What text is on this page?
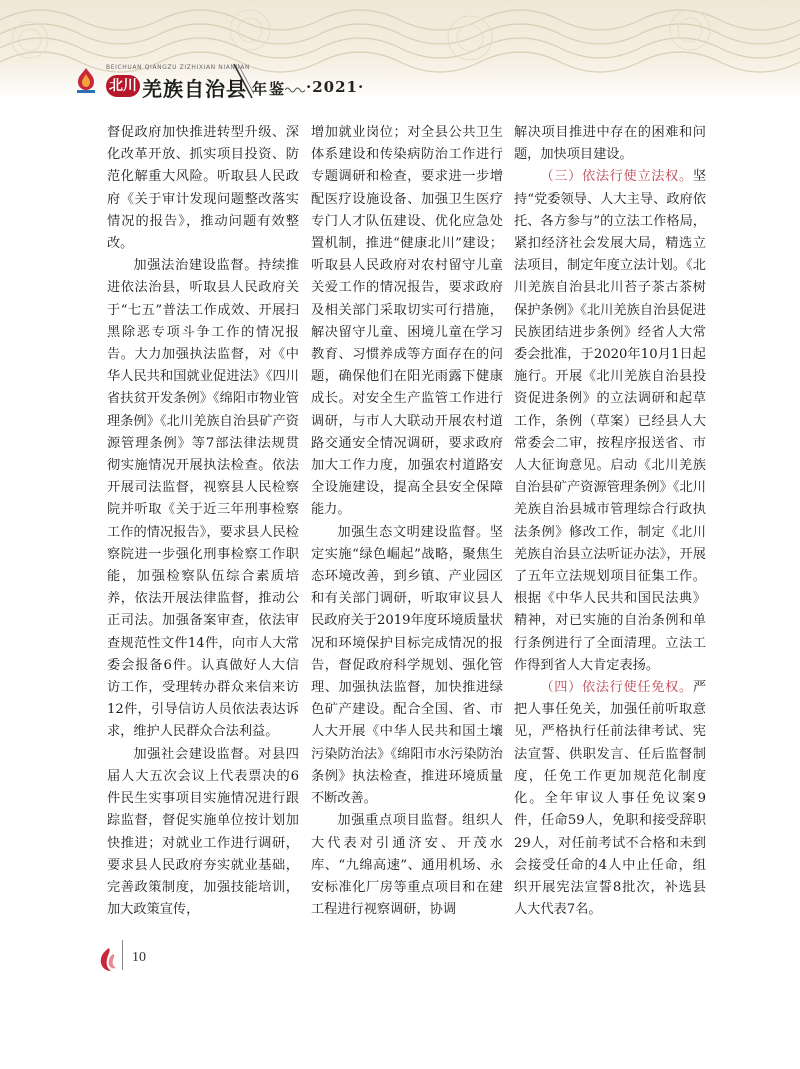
BEICHUAN QIANGZU ZIZHIXIAN NIANJIAN
北川 羌族自治县 年鉴 ·2021·

督促政府加快推进转型升级、深化改革开放、抓实项目投资、防范化解重大风险。听取县人民政府《关于审计发现问题整改落实情况的报告》，推动问题有效整改。

加强法治建设监督。持续推进依法治县，听取县人民政府关于“七五”普法工作成效、开展扫黑除恶专项斗争工作的情况报告。大力加强执法监督，对《中华人民共和国就业促进法》《四川省扶贫开发条例》《绵阳市物业管理条例》《北川羌族自治县矿产资源管理条例》等7部法律法规贯彻实施情况开展执法检查。依法开展司法监督，视察县人民检察院并听取《关于近三年刑事检察工作的情况报告》，要求县人民检察院进一步强化刑事检察工作职能，加强检察队伍综合素质培养，依法开展法律监督，推动公正司法。加强备案审查，依法审查规范性文件14件，向市人大常委会报备6件。认真做好人大信访工作，受理转办群众来信来访12件，引导信访人员依法表达诉求，维护人民群众合法利益。

加强社会建设监督。对县四届人大五次会议上代表票决的6件民生实事项目实施情况进行跟踪监督，督促实施单位按计划加快推进；对就业工作进行调研，要求县人民政府夯实就业基础，完善政策制度，加强技能培训，加大政策宣传，

增加就业岗位；对全县公共卫生体系建设和传染病防治工作进行专题调研和检查，要求进一步增配医疗设施设备、加强卫生医疗专门人才队伍建设、优化应急处置机制，推进“健康北川”建设；听取县人民政府对农村留守儿童关爱工作的情况报告，要求政府及相关部门采取切实可行措施，解决留守儿童、困境儿童在学习教育、习惯养成等方面存在的问题，确保他们在阳光雨露下健康成长。对安全生产监管工作进行调研，与市人大联动开展农村道路交通安全情况调研，要求政府加大工作力度，加强农村道路安全设施建设，提高全县安全保障能力。

加强生态文明建设监督。坚定实施“绿色崛起”战略，聚焦生态环境改善，到乡镇、产业园区和有关部门调研，听取审议县人民政府关于2019年度环境质量状况和环境保护目标完成情况的报告，督促政府科学规划、强化管理、加强执法监督，加快推进绿色矿产建设。配合全国、省、市人大开展《中华人民共和国土壤污染防治法》《绵阳市水污染防治条例》执法检查，推进环境质量不断改善。

加强重点项目监督。组织人大代表对引通济安、开茂水库、“九绵高速”、通用机场、永安标准化厂房等重点项目和在建工程进行视察调研，协调

解决项目推进中存在的困难和问题，加快项目建设。

（三）依法行使立法权。坚持“党委领导、人大主导、政府依托、各方参与”的立法工作格局，紧扣经济社会发展大局，精选立法项目，制定年度立法计划。《北川羌族自治县北川苔子茶古茶树保护条例》《北川羌族自治县促进民族团结进步条例》经省人大常委会批准，于2020年10月1日起施行。开展《北川羌族自治县投资促进条例》的立法调研和起草工作，条例（草案）已经县人大常委会二审，按程序报送省、市人大征询意见。启动《北川羌族自治县矿产资源管理条例》《北川羌族自治县城市管理综合行政执法条例》修改工作，制定《北川羌族自治县立法听证办法》，开展了五年立法规划项目征集工作。根据《中华人民共和国民法典》精神，对已实施的自治条例和单行条例进行了全面清理。立法工作得到省人大肯定表扬。

（四）依法行使任免权。严把人事任免关，加强任前听取意见，严格执行任前法律考试、宪法宣誓、供职发言、任后监督制度，任免工作更加规范化制度化。全年审议人事任免议案9件，任命59人，免职和接受辞职29人，对任前考试不合格和未到会接受任命的4人中止任命，组织开展宪法宣誓8批次，补选县人大代表7名。

10
